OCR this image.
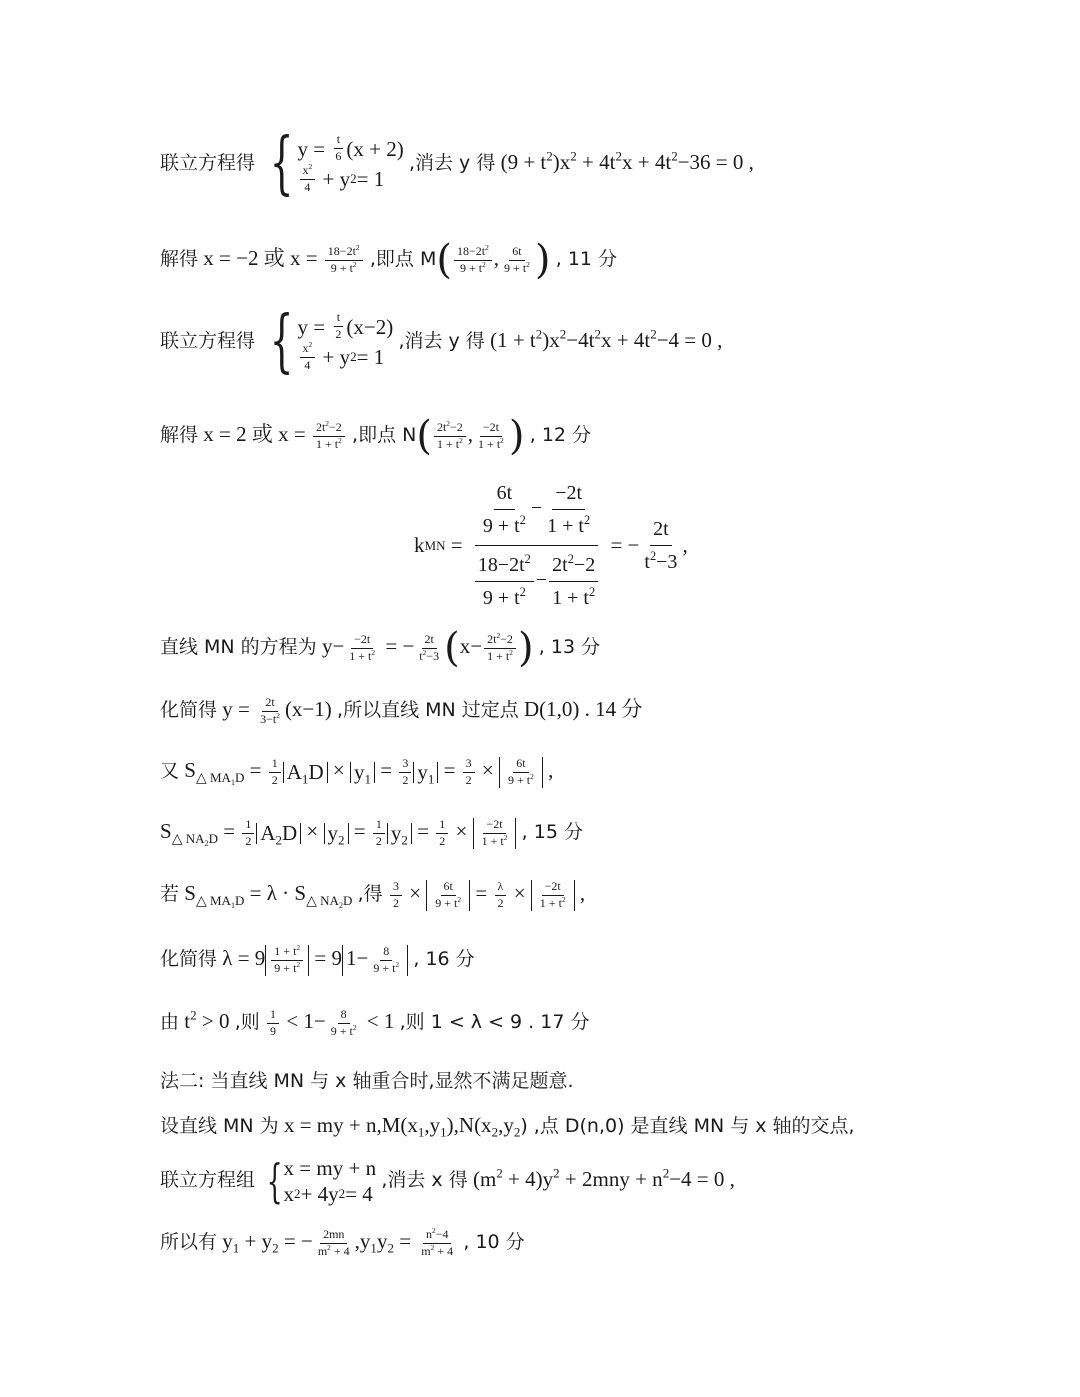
联立方程得 { $y = \frac{t}{6} (x + 2)$
$\frac{x^2}{4} + y$ 2 = 1
,消去 y 得 $(9 + t^2)x^2 + 4t^2x + 4t^2-36 = 0$ ,
解得 x = −2 或 $x = \frac{18-2t^2}{9 + t^2}$ ,即点 $M( \frac{18-2t^2}{9 + t^2}$ , $\frac{6t}{9 + t^2}$ ) , 11 分
联立方程得 { $y = \frac{t}{2} (x-2)$
$\frac{x^2}{4} + y$ 2 = 1
,消去 y 得 $(1 + t^2)x^2-4t^2x + 4t^2-4 = 0$ ,
解得 x = 2 或 $x = \frac{2t^2-2}{1 + t^2}$ ,即点 $N( \frac{2t^2-2}{1 + t^2}$ , $\frac{-2t}{1 + t^2}$ ) , 12 分
k MN
=
$\frac{\frac{6t}{9 + t^2} - \frac{-2t}{1 + t^2}}{\frac{18-2t^2}{9 + t^2} - \frac{2t^2-2}{1 + t^2}}$
= − $\frac{2t}{t^2-3}$ ,
直线 MN 的方程为 $y- \frac{-2t}{1 + t^2}$ = − $\frac{2t}{t^2-3} (x- \frac{2t^2-2}{1 + t^2}$ ) , 13 分
化简得 $y = \frac{2t}{3-t^2} (x-1)$ ,所以直线 MN 过定点 D(1,0) . 14 分
又 $S_{\triangle MA_1D} = \frac{1}{2} A_1D \times y_1 = \frac{3}{2} y_1 = \frac{3}{2} \times \frac{6t}{9 + t^2}$ ,
$S_{\triangle NA_2D} = \frac{1}{2} A_2D \times y_2 = \frac{1}{2} y_2 = \frac{1}{2} \times \frac{-2t}{1 + t^2}$ , 15 分
若 $S_{\triangle MA_1D} = \lambda \cdot S_{\triangle NA_2D}$ ,得 $\frac{3}{2} \times \frac{6t}{9 + t^2} = \frac{\lambda}{2} \times \frac{-2t}{1 + t^2}$ ,
化简得 $\lambda = 9 \frac{1 + t^2}{9 + t^2} = 9$ $1- \frac{8}{9 + t^2}$ , 16 分
由 $t^2 > 0$ ,则 $\frac{1}{9} < 1- \frac{8}{9 + t^2} < 1$ ,则 1 < λ < 9 . 17 分
法二: 当直线 MN 与 x 轴重合时,显然不满足题意.
设直线 MN 为 x = my + $n,M(x_1,y_1),N(x_2,y_2)$ ,点 D(n,0) 是直线 MN 与 x 轴的交点,
联立方程组 { x = my + n
x 2 + 4y 2 = 4
,消去 x 得 $(m^2 + 4)y^2 + 2mny + n^2-4 = 0$ ,
所以有 $y_1 + y_2$ = − $\frac{2mn}{m^2 + 4} ,y_1y_2 = \frac{n^2-4}{m^2 + 4}$ , 10 分
